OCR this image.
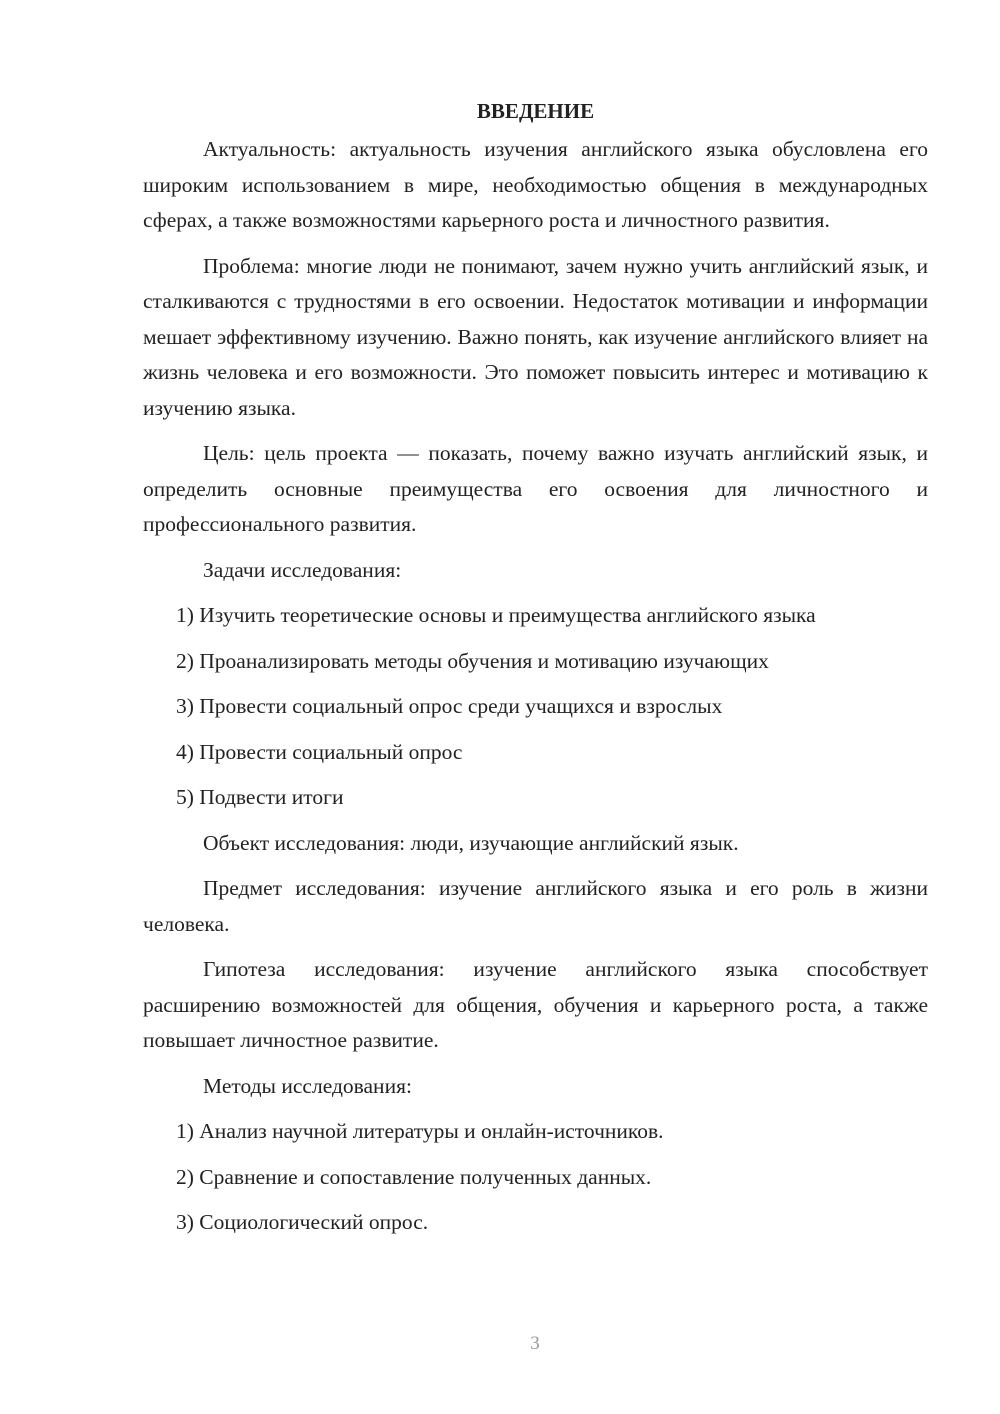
ВВЕДЕНИЕ

Актуальность: актуальность изучения английского языка обусловлена его широким использованием в мире, необходимостью общения в международных сферах, а также возможностями карьерного роста и личностного развития.

Проблема: многие люди не понимают, зачем нужно учить английский язык, и сталкиваются с трудностями в его освоении. Недостаток мотивации и информации мешает эффективному изучению. Важно понять, как изучение английского влияет на жизнь человека и его возможности. Это поможет повысить интерес и мотивацию к изучению языка.

Цель: цель проекта — показать, почему важно изучать английский язык, и определить основные преимущества его освоения для личностного и профессионального развития.

Задачи исследования:
1) Изучить теоретические основы и преимущества английского языка
2) Проанализировать методы обучения и мотивацию изучающих
3) Провести социальный опрос среди учащихся и взрослых
4) Провести социальный опрос
5) Подвести итоги

Объект исследования: люди, изучающие английский язык.

Предмет исследования: изучение английского языка и его роль в жизни человека.

Гипотеза исследования: изучение английского языка способствует расширению возможностей для общения, обучения и карьерного роста, а также повышает личностное развитие.

Методы исследования:
1) Анализ научной литературы и онлайн-источников.
2) Сравнение и сопоставление полученных данных.
3) Социологический опрос.
3
